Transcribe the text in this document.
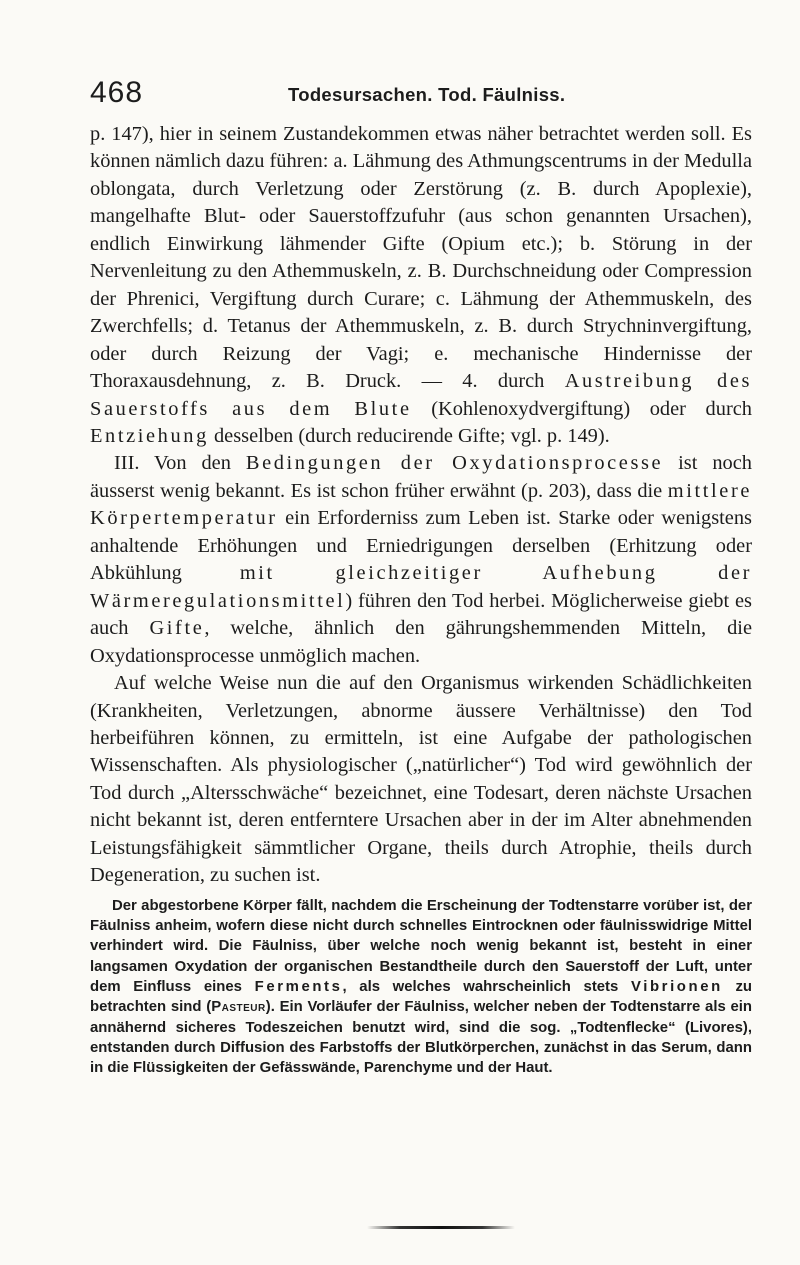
468	Todesursachen. Tod. Fäulniss.

p. 147), hier in seinem Zustandekommen etwas näher betrachtet werden soll. Es können nämlich dazu führen: a. Lähmung des Athmungscentrums in der Medulla oblongata, durch Verletzung oder Zerstörung (z. B. durch Apoplexie), mangelhafte Blut- oder Sauerstoffzufuhr (aus schon genannten Ursachen), endlich Einwirkung lähmender Gifte (Opium etc.); b. Störung in der Nervenleitung zu den Athemmuskeln, z. B. Durchschneidung oder Compression der Phrenici, Vergiftung durch Curare; c. Lähmung der Athemmuskeln, des Zwerchfells; d. Tetanus der Athemmuskeln, z. B. durch Strychninvergiftung, oder durch Reizung der Vagi; e. mechanische Hindernisse der Thoraxausdehnung, z. B. Druck. — 4. durch Austreibung des Sauerstoffs aus dem Blute (Kohlenoxydvergiftung) oder durch Entziehung desselben (durch reducirende Gifte; vgl. p. 149).

III. Von den Bedingungen der Oxydationsprocesse ist noch äusserst wenig bekannt. Es ist schon früher erwähnt (p. 203), dass die mittlere Körpertemperatur ein Erforderniss zum Leben ist. Starke oder wenigstens anhaltende Erhöhungen und Erniedrigungen derselben (Erhitzung oder Abkühlung mit gleichzeitiger Aufhebung der Wärmeregulationsmittel) führen den Tod herbei. Möglicherweise giebt es auch Gifte, welche, ähnlich den gährungshemmenden Mitteln, die Oxydationsprocesse unmöglich machen.

Auf welche Weise nun die auf den Organismus wirkenden Schädlichkeiten (Krankheiten, Verletzungen, abnorme äussere Verhältnisse) den Tod herbeiführen können, zu ermitteln, ist eine Aufgabe der pathologischen Wissenschaften. Als physiologischer („natürlicher“) Tod wird gewöhnlich der Tod durch „Altersschwäche“ bezeichnet, eine Todesart, deren nächste Ursachen nicht bekannt ist, deren entferntere Ursachen aber in der im Alter abnehmenden Leistungsfähigkeit sämmtlicher Organe, theils durch Atrophie, theils durch Degeneration, zu suchen ist.

Der abgestorbene Körper fällt, nachdem die Erscheinung der Todtenstarre vorüber ist, der Fäulniss anheim, wofern diese nicht durch schnelles Eintrocknen oder fäulnisswidrige Mittel verhindert wird. Die Fäulniss, über welche noch wenig bekannt ist, besteht in einer langsamen Oxydation der organischen Bestandtheile durch den Sauerstoff der Luft, unter dem Einfluss eines Ferments, als welches wahrscheinlich stets Vibrionen zu betrachten sind (Pasteur). Ein Vorläufer der Fäulniss, welcher neben der Todtenstarre als ein annähernd sicheres Todeszeichen benutzt wird, sind die sog. „Todtenflecke“ (Livores), entstanden durch Diffusion des Farbstoffs der Blutkörperchen, zunächst in das Serum, dann in die Flüssigkeiten der Gefässwände, Parenchyme und der Haut.
